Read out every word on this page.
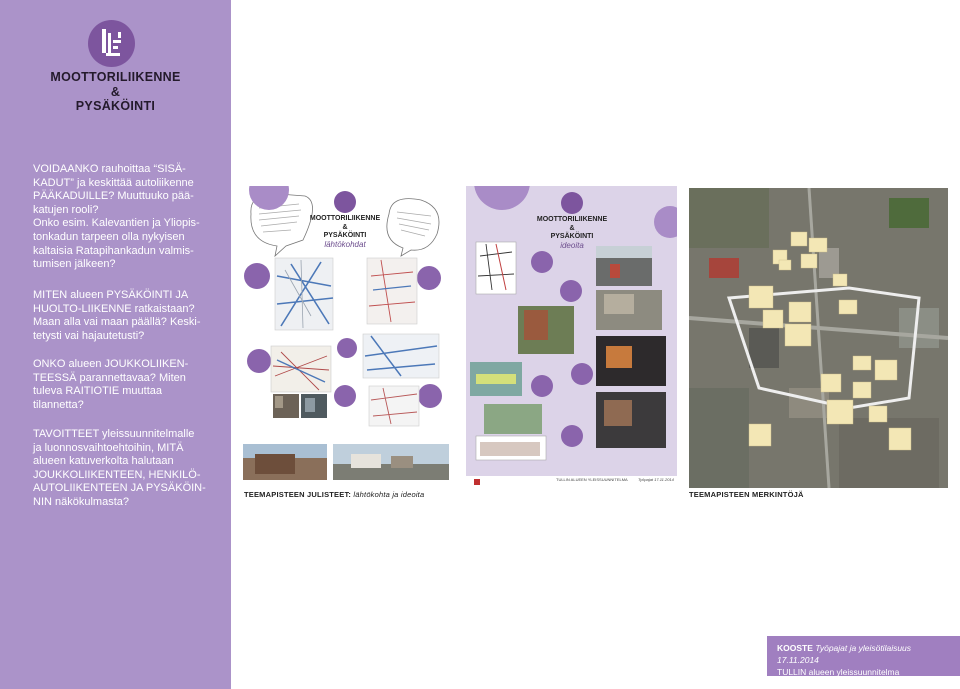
MOOTTORILIIKENNE
&
PYSÄKÖINTI
VOIDAANKO rauhoittaa “SISÄ-
KADUT” ja keskittää autoliikenne
PÄÄKADUILLE? Muuttuuko pää-
katujen rooli?
Onko esim. Kalevantien ja Yliopis-
tonkadun tarpeen olla nykyisen
kaltaisia Ratapihankadun valmis-
tumisen jälkeen?
MITEN alueen PYSÄKÖINTI JA
HUOLTO-LIIKENNE ratkaistaan?
Maan alla vai maan päällä? Keski-
tetysti vai hajautetusti?
ONKO alueen JOUKKOLIIKEN-
TEESSÄ parannettavaa? Miten
tuleva RAITIOTIE muuttaa
tilannetta?
TAVOITTEET yleissuunnitelmalle
ja luonnosvaihtoehtoihin, MITÄ
alueen katuverkolta halutaan
JOUKKOLIIKENTEEN, HENKILÖ-
AUTOLIIKENTEEN JA PYSÄKÖIN-
NIN näkökulmasta?
MOOTTORILIIKENNE
&
PYSÄKÖINTI
lähtökohdat
MOOTTORILIIKENNE
&
PYSÄKÖINTI
ideoita
TULLIN ALUEEN YLEISSUUNNITELMA	Työpajat 17.11.2014
TEEMAPISTEEN JULISTEET: lähtökohta ja ideoita	TEEMAPISTEEN MERKINTÖJÄ
KOOSTE Työpajat ja yleisötilaisuus 17.11.2014
TULLIN alueen yleissuunnitelma
